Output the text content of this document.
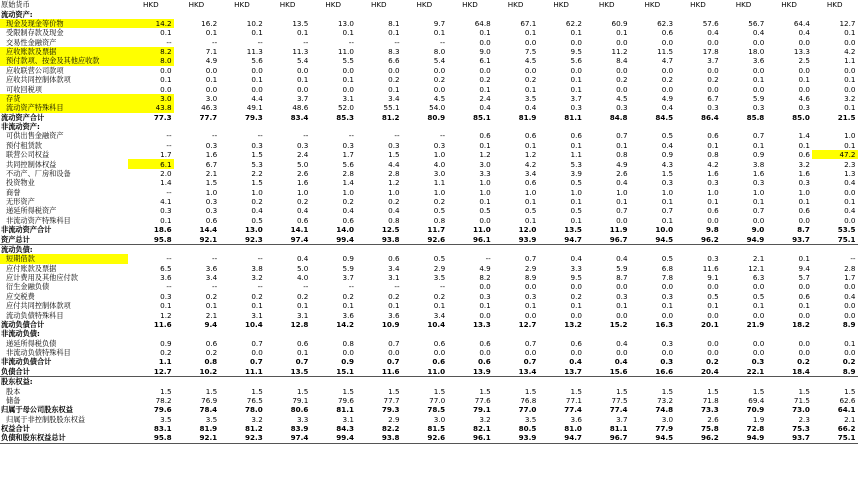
原始货币	HKD	HKD	HKD	HKD	HKD	HKD	HKD	HKD	HKD	HKD	HKD	HKD	HKD	HKD	HKD	HKD
流动资产:																
现金及现金等价物	14.2	16.2	10.2	13.5	13.0	8.1	9.7	64.8	67.1	62.2	60.9	62.3	57.6	56.7	64.4	12.7
受限制存款及现金	0.1	0.1	0.1	0.1	0.1	0.1	0.1	0.1	0.1	0.1	0.1	0.6	0.4	0.4	0.4	0.1
交易性金融资产	--	--	--	--	--	--	--	0.0	0.0	0.0	0.0	0.0	0.0	0.0	0.0	0.0
应收账款及票据	8.2	7.1	11.3	11.3	11.0	8.3	8.0	9.0	7.5	9.5	11.2	11.5	17.8	18.0	13.3	4.2
预付款项、按金及其他应收款	8.0	4.9	5.6	5.4	5.5	6.6	5.4	6.1	4.5	5.6	8.4	4.7	3.7	3.6	2.5	1.1
应收联营公司款项	0.0	0.0	0.0	0.0	0.0	0.0	0.0	0.0	0.0	0.0	0.0	0.0	0.0	0.0	0.0	0.0
应收共同控制体款项	0.1	0.1	0.1	0.1	0.1	0.2	0.2	0.2	0.2	0.1	0.2	0.2	0.2	0.1	0.1	0.1
可收回税项	0.0	0.0	0.0	0.0	0.0	0.1	0.0	0.1	0.1	0.1	0.0	0.0	0.0	0.0	0.0	0.0
存货	3.0	3.0	4.4	3.7	3.1	3.4	4.5	2.4	3.5	3.7	4.5	4.9	6.7	5.9	4.6	3.2
流动资产特殊科目	43.8	46.3	49.1	48.6	52.0	55.1	54.0	0.4	0.4	0.3	0.3	0.4	0.3	0.3	0.3	0.1
流动资产合计	77.3	77.7	79.3	83.4	85.3	81.2	80.9	85.1	81.9	81.1	84.8	84.5	86.4	85.8	85.0	21.5
非流动资产:																
可供出售金融资产	--	--	--	--	--	--	--	0.6	0.6	0.6	0.7	0.5	0.6	0.7	1.4	1.0
预付租赁款	--	0.3	0.3	0.3	0.3	0.3	0.3	0.1	0.1	0.1	0.1	0.4	0.1	0.1	0.1	0.1
联营公司权益	1.7	1.6	1.5	2.4	1.7	1.5	1.0	1.2	1.2	1.1	0.8	0.9	0.8	0.9	0.6	47.2
共同控制体权益	6.1	6.7	5.3	5.0	5.6	4.4	4.0	3.0	4.2	5.3	4.9	4.3	4.2	3.8	3.2	2.3
不动产、厂房和设备	2.0	2.1	2.2	2.6	2.8	2.8	3.0	3.3	3.4	3.9	2.6	1.5	1.6	1.6	1.6	1.3
投资物业	1.4	1.5	1.5	1.6	1.4	1.2	1.1	1.0	0.6	0.5	0.4	0.3	0.3	0.3	0.3	0.4
商誉	--	1.0	1.0	1.0	1.0	1.0	1.0	1.0	1.0	1.0	1.0	1.0	1.0	1.0	1.0	0.0
无形资产	4.1	0.3	0.2	0.2	0.2	0.2	0.2	0.1	0.1	0.1	0.1	0.1	0.1	0.1	0.1	0.1
递延所得税资产	0.3	0.3	0.4	0.4	0.4	0.4	0.5	0.5	0.5	0.5	0.7	0.7	0.6	0.7	0.6	0.4
非流动资产特殊科目	0.1	0.6	0.5	0.6	0.6	0.8	0.8	0.0	0.1	0.1	0.0	0.1	0.0	0.0	0.0	0.0
非流动资产合计	18.6	14.4	13.0	14.1	14.0	12.5	11.7	11.0	12.0	13.5	11.9	10.0	9.8	9.0	8.7	53.5
资产总计	95.8	92.1	92.3	97.4	99.4	93.8	92.6	96.1	93.9	94.7	96.7	94.5	96.2	94.9	93.7	75.1
流动负债:																
短期借款	--	--	--	0.4	0.9	0.6	0.5	--	0.7	0.4	0.4	0.5	0.3	2.1	0.1	--
应付账款及票据	6.5	3.6	3.8	5.0	5.9	3.4	2.9	4.9	2.9	3.3	5.9	6.8	11.6	12.1	9.4	2.8
应计费用及其他应付款	3.6	3.4	3.2	4.0	3.7	3.1	3.5	8.2	8.9	9.5	8.7	7.8	9.1	6.3	5.7	1.7
衍生金融负债	--	--	--	--	--	--	--	0.0	0.0	0.0	0.0	0.0	0.0	0.0	0.0	0.0
应交税费	0.3	0.2	0.2	0.2	0.2	0.2	0.2	0.3	0.3	0.2	0.3	0.3	0.5	0.5	0.6	0.4
应付共同控制体款项	0.1	0.1	0.1	0.1	0.1	0.1	0.1	0.1	0.1	0.1	0.1	0.1	0.1	0.1	0.1	0.0
流动负债特殊科目	1.2	2.1	3.1	3.1	3.6	3.6	3.4	0.0	0.0	0.0	0.0	0.0	0.0	0.0	0.0	0.0
流动负债合计	11.6	9.4	10.4	12.8	14.2	10.9	10.4	13.3	12.7	13.2	15.2	16.3	20.1	21.9	18.2	8.9
非流动负债:																
递延所得税负债	0.9	0.6	0.7	0.6	0.8	0.7	0.6	0.6	0.7	0.6	0.4	0.3	0.0	0.0	0.0	0.1
非流动负债特殊科目	0.2	0.2	0.0	0.1	0.0	0.0	0.0	0.0	0.0	0.0	0.0	0.0	0.0	0.0	0.0	0.0
非流动负债合计	1.1	0.8	0.7	0.7	0.9	0.7	0.6	0.6	0.7	0.4	0.4	0.3	0.2	0.3	0.2	0.2
负债合计	12.7	10.2	11.1	13.5	15.1	11.6	11.0	13.9	13.4	13.7	15.6	16.6	20.4	22.1	18.4	8.9
股东权益:																
股本	1.5	1.5	1.5	1.5	1.5	1.5	1.5	1.5	1.5	1.5	1.5	1.5	1.5	1.5	1.5	1.5
储备	78.2	76.9	76.5	79.1	79.6	77.7	77.0	77.6	76.8	77.1	77.5	73.2	71.8	69.4	71.5	62.6
归属于母公司股东权益	79.6	78.4	78.0	80.6	81.1	79.3	78.5	79.1	77.0	77.4	77.4	74.8	73.3	70.9	73.0	64.1
归属于非控制股股东权益	3.5	3.5	3.2	3.3	3.1	2.9	3.0	3.2	3.5	3.6	3.7	3.0	2.6	1.9	2.3	2.1
权益合计	83.1	81.9	81.2	83.9	84.3	82.2	81.5	82.1	80.5	81.0	81.1	77.9	75.8	72.8	75.3	66.2
负债和股东权益总计	95.8	92.1	92.3	97.4	99.4	93.8	92.6	96.1	93.9	94.7	96.7	94.5	96.2	94.9	93.7	75.1
